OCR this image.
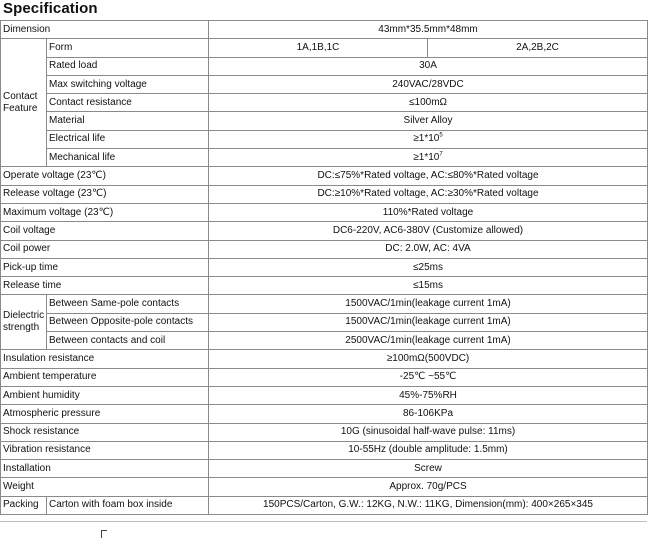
Specification
Dimension		43mm*35.5mm*48mm	
Contact
Feature	Form	1A,1B,1C	2A,2B,2C
	Rated load	30A	
	Max switching voltage	240VAC/28VDC	
	Contact resistance	≤100mΩ	
	Material	Silver Alloy	
	Electrical life	$\ge 1*10^5$
	Mechanical life	$\ge 1*10^7$
Operate voltage (23℃)		DC:≤75%*Rated voltage, AC:≤80%*Rated voltage	
Release voltage (23℃)		DC:≥10%*Rated voltage, AC:≥30%*Rated voltage	
Maximum voltage (23℃)		110%*Rated voltage	
Coil voltage		DC6-220V, AC6-380V (Customize allowed)	
Coil power		DC: 2.0W, AC: 4VA	
Pick-up time		≤25ms	
Release time		≤15ms	
Dielectric
strength	Between Same-pole contacts	1500VAC/1min(leakage current 1mA)	
	Between Opposite-pole contacts	1500VAC/1min(leakage current 1mA)	
	Between contacts and coil	2500VAC/1min(leakage current 1mA)	
Insulation resistance		≥100mΩ(500VDC)	
Ambient temperature		-25℃ ~55℃	
Ambient humidity		45%-75%RH	
Atmospheric pressure		86-106KPa	
Shock resistance		10G (sinusoidal half-wave pulse: 11ms)	
Vibration resistance		10-55Hz (double amplitude: 1.5mm)	
Installation		Screw	
Weight		Approx. 70g/PCS	
Packing	Carton with foam box inside	150PCS/Carton, G.W.: 12KG, N.W.: 11KG, Dimension(mm): 400×265×345	
